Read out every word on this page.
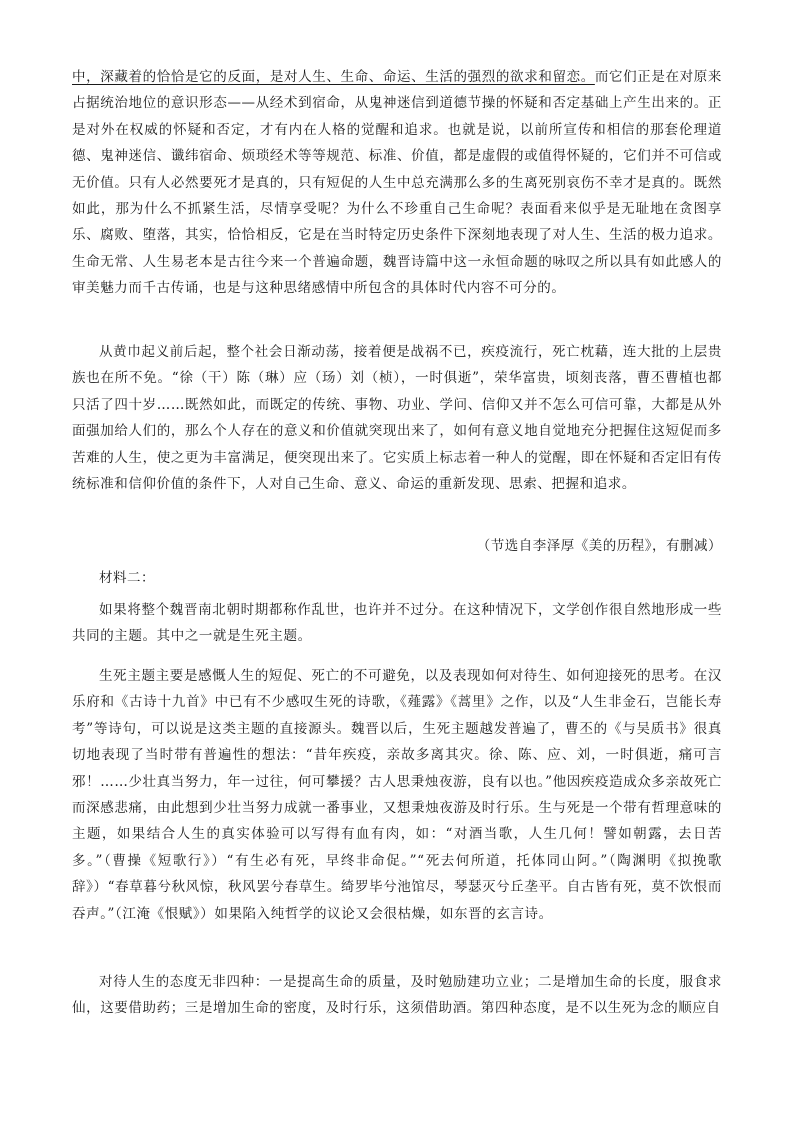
中，深藏着的恰恰是它的反面，是对人生、生命、命运、生活的强烈的欲求和留恋。而它们正是在对原来占据统治地位的意识形态——从经术到宿命，从鬼神迷信到道德节操的怀疑和否定基础上产生出来的。正是对外在权威的怀疑和否定，才有内在人格的觉醒和追求。也就是说，以前所宣传和相信的那套伦理道德、鬼神迷信、谶纬宿命、烦琐经术等等规范、标准、价值，都是虚假的或值得怀疑的，它们并不可信或无价值。只有人必然要死才是真的，只有短促的人生中总充满那么多的生离死别哀伤不幸才是真的。既然如此，那为什么不抓紧生活，尽情享受呢？为什么不珍重自己生命呢？表面看来似乎是无耻地在贪图享乐、腐败、堕落，其实，恰恰相反，它是在当时特定历史条件下深刻地表现了对人生、生活的极力追求。生命无常、人生易老本是古往今来一个普遍命题，魏晋诗篇中这一永恒命题的咏叹之所以具有如此感人的审美魅力而千古传诵，也是与这种思绪感情中所包含的具体时代内容不可分的。

从黄巾起义前后起，整个社会日渐动荡，接着便是战祸不已，疾疫流行，死亡枕藉，连大批的上层贵族也在所不免。“徐（干）陈（琳）应（玚）刘（桢），一时俱逝”，荣华富贵，顷刻丧落，曹丕曹植也都只活了四十岁……既然如此，而既定的传统、事物、功业、学问、信仰又并不怎么可信可靠，大都是从外面强加给人们的，那么个人存在的意义和价值就突现出来了，如何有意义地自觉地充分把握住这短促而多苦难的人生，使之更为丰富满足，便突现出来了。它实质上标志着一种人的觉醒，即在怀疑和否定旧有传统标准和信仰价值的条件下，人对自己生命、意义、命运的重新发现、思索、把握和追求。

（节选自李泽厚《美的历程》，有删减）

材料二：

如果将整个魏晋南北朝时期都称作乱世，也许并不过分。在这种情况下，文学创作很自然地形成一些共同的主题。其中之一就是生死主题。

生死主题主要是感慨人生的短促、死亡的不可避免，以及表现如何对待生、如何迎接死的思考。在汉乐府和《古诗十九首》中已有不少感叹生死的诗歌，《薤露》《蒿里》之作，以及“人生非金石，岂能长寿考”等诗句，可以说是这类主题的直接源头。魏晋以后，生死主题越发普遍了，曹丕的《与吴质书》很真切地表现了当时带有普遍性的想法：“昔年疾疫，亲故多离其灾。徐、陈、应、刘，一时俱逝，痛可言邪！……少壮真当努力，年一过往，何可攀援？古人思秉烛夜游，良有以也。”他因疾疫造成众多亲故死亡而深感悲痛，由此想到少壮当努力成就一番事业，又想秉烛夜游及时行乐。生与死是一个带有哲理意味的主题，如果结合人生的真实体验可以写得有血有肉，如：“对酒当歌，人生几何！譬如朝露，去日苦多。”（曹操《短歌行》）“有生必有死，早终非命促。”“死去何所道，托体同山阿。”（陶渊明《拟挽歌辞》）“春草暮兮秋风惊，秋风罢兮春草生。绮罗毕兮池馆尽，琴瑟灭兮丘垄平。自古皆有死，莫不饮恨而吞声。”（江淹《恨赋》）如果陷入纯哲学的议论又会很枯燥，如东晋的玄言诗。

对待人生的态度无非四种：一是提高生命的质量，及时勉励建功立业；二是增加生命的长度，服食求仙，这要借助药；三是增加生命的密度，及时行乐，这须借助酒。第四种态度，是不以生死为念的顺应自
